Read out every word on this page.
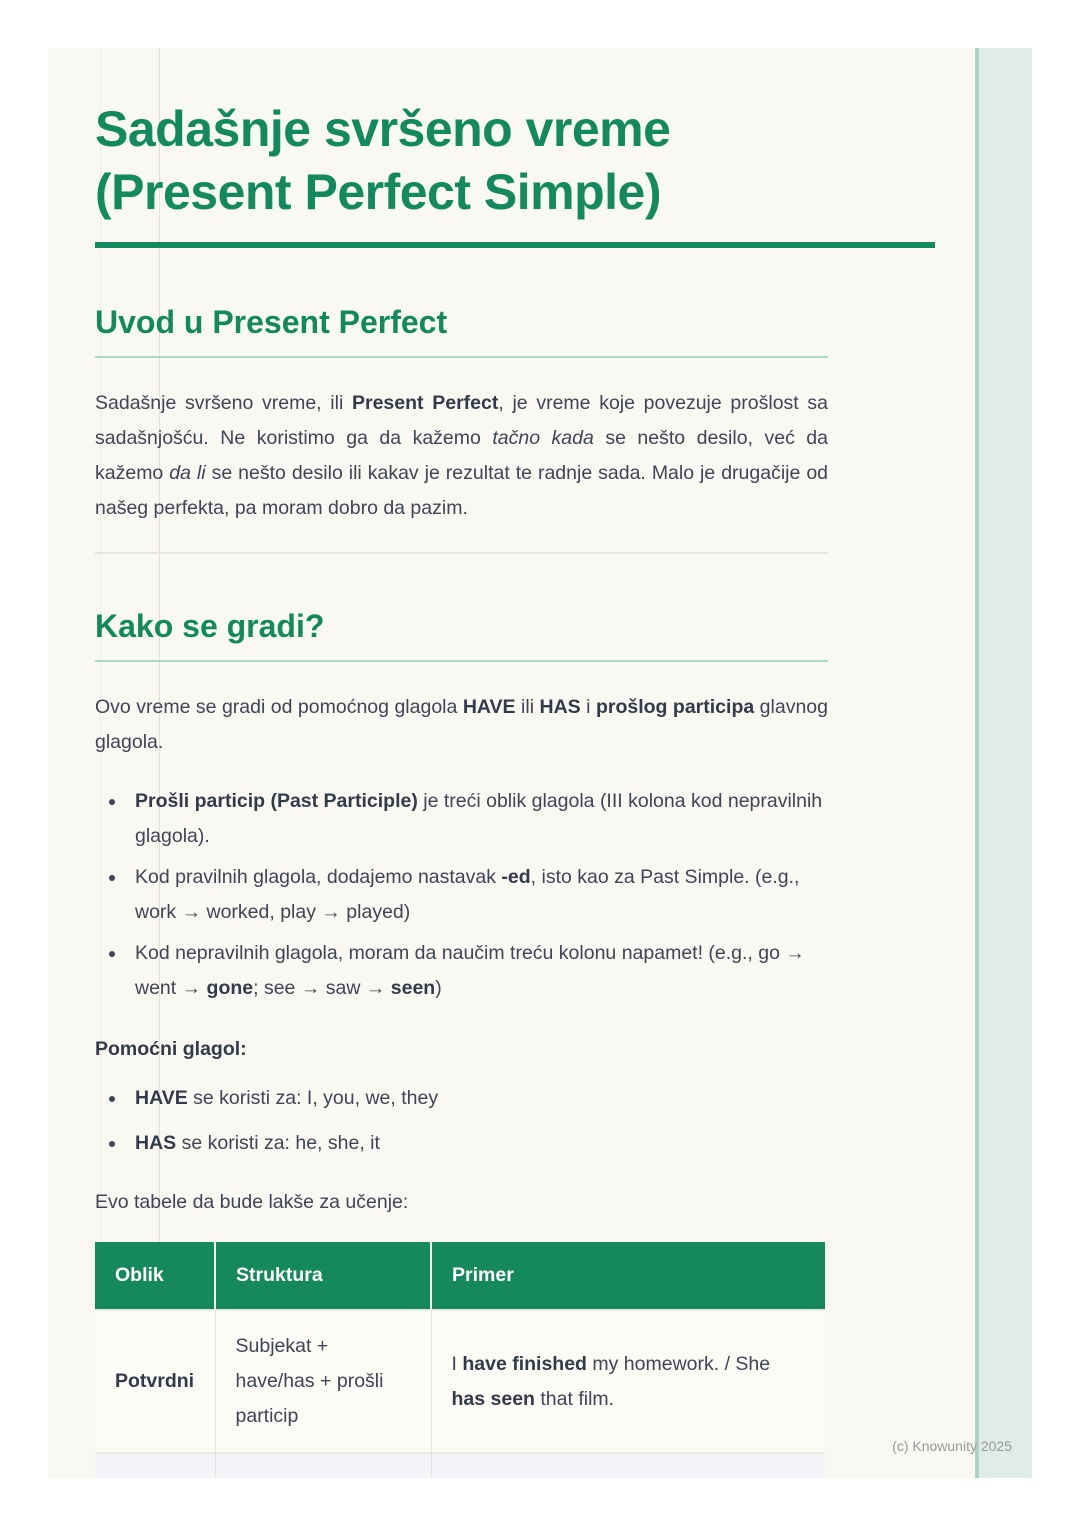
Sadašnje svršeno vreme (Present Perfect Simple)
Uvod u Present Perfect

Sadašnje svršeno vreme, ili Present Perfect, je vreme koje povezuje prošlost sa sadašnjošću. Ne koristimo ga da kažemo tačno kada se nešto desilo, već da kažemo da li se nešto desilo ili kakav je rezultat te radnje sada. Malo je drugačije od našeg perfekta, pa moram dobro da pazim.

Kako se gradi?

Ovo vreme se gradi od pomoćnog glagola HAVE ili HAS i prošlog participa glavnog glagola.

• Prošli particip (Past Participle) je treći oblik glagola (III kolona kod nepravilnih glagola).
• Kod pravilnih glagola, dodajemo nastavak -ed, isto kao za Past Simple. (e.g., work → worked, play → played)
• Kod nepravilnih glagola, moram da naučim treću kolonu napamet! (e.g., go → went → gone; see → saw → seen)

Pomoćni glagol:

• HAVE se koristi za: I, you, we, they
• HAS se koristi za: he, she, it

Evo tabele da bude lakše za učenje:

Oblik	Struktura	Primer
Potvrdni	Subjekat + have/has + prošli particip	I have finished my homework. / She has seen that film.

(c) Knowunity 2025
